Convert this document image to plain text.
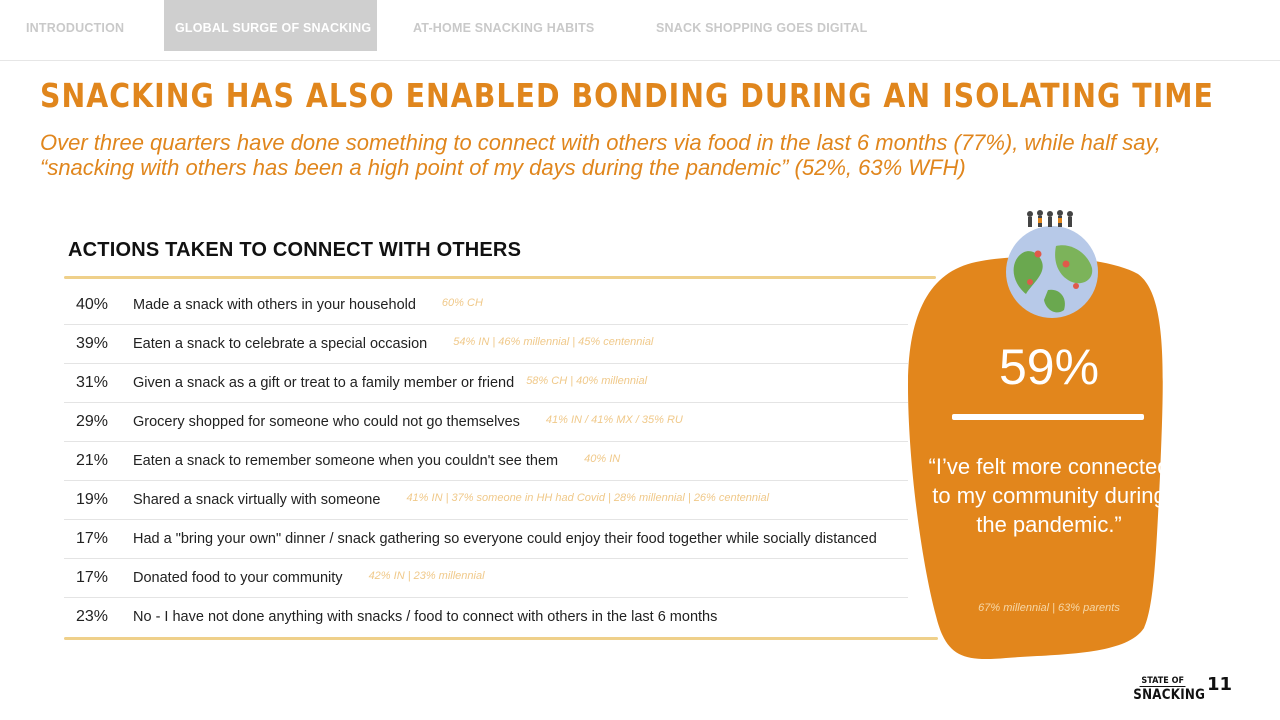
INTRODUCTION	GLOBAL SURGE OF SNACKING	AT-HOME SNACKING HABITS	SNACK SHOPPING GOES DIGITAL
SNACKING HAS ALSO ENABLED BONDING DURING AN ISOLATING TIME
Over three quarters have done something to connect with others via food in the last 6 months (77%), while half say, “snacking with others has been a high point of my days during the pandemic” (52%, 63% WFH)
ACTIONS TAKEN TO CONNECT WITH OTHERS
40%	Made a snack with others in your household $^{60\% CH}$
39%	Eaten a snack to celebrate a special occasion $^{54\% IN | 46\% millennial | 45\% centennial}$
31%	Given a snack as a gift or treat to a family member or friend $^{58\% CH | 40\% millennial}$
29%	Grocery shopped for someone who could not go themselves $^{41\% IN / 41\% MX / 35\% RU}$
21%	Eaten a snack to remember someone when you couldn't see them $^{40\% IN}$
19%	Shared a snack virtually with someone $^{41\% IN | 37\% someone in HH had Covid | 28\% millennial | 26\% centennial}$
17%	Had a "bring your own" dinner / snack gathering so everyone could enjoy their food together while socially distanced
17%	Donated food to your community $^{42\% IN | 23\% millennial}$
23%	No - I have not done anything with snacks / food to connect with others in the last 6 months
59%
“I’ve felt more connected to my community during the pandemic.”
67% millennial | 63% parents
STATE OF
SNACKING 11
